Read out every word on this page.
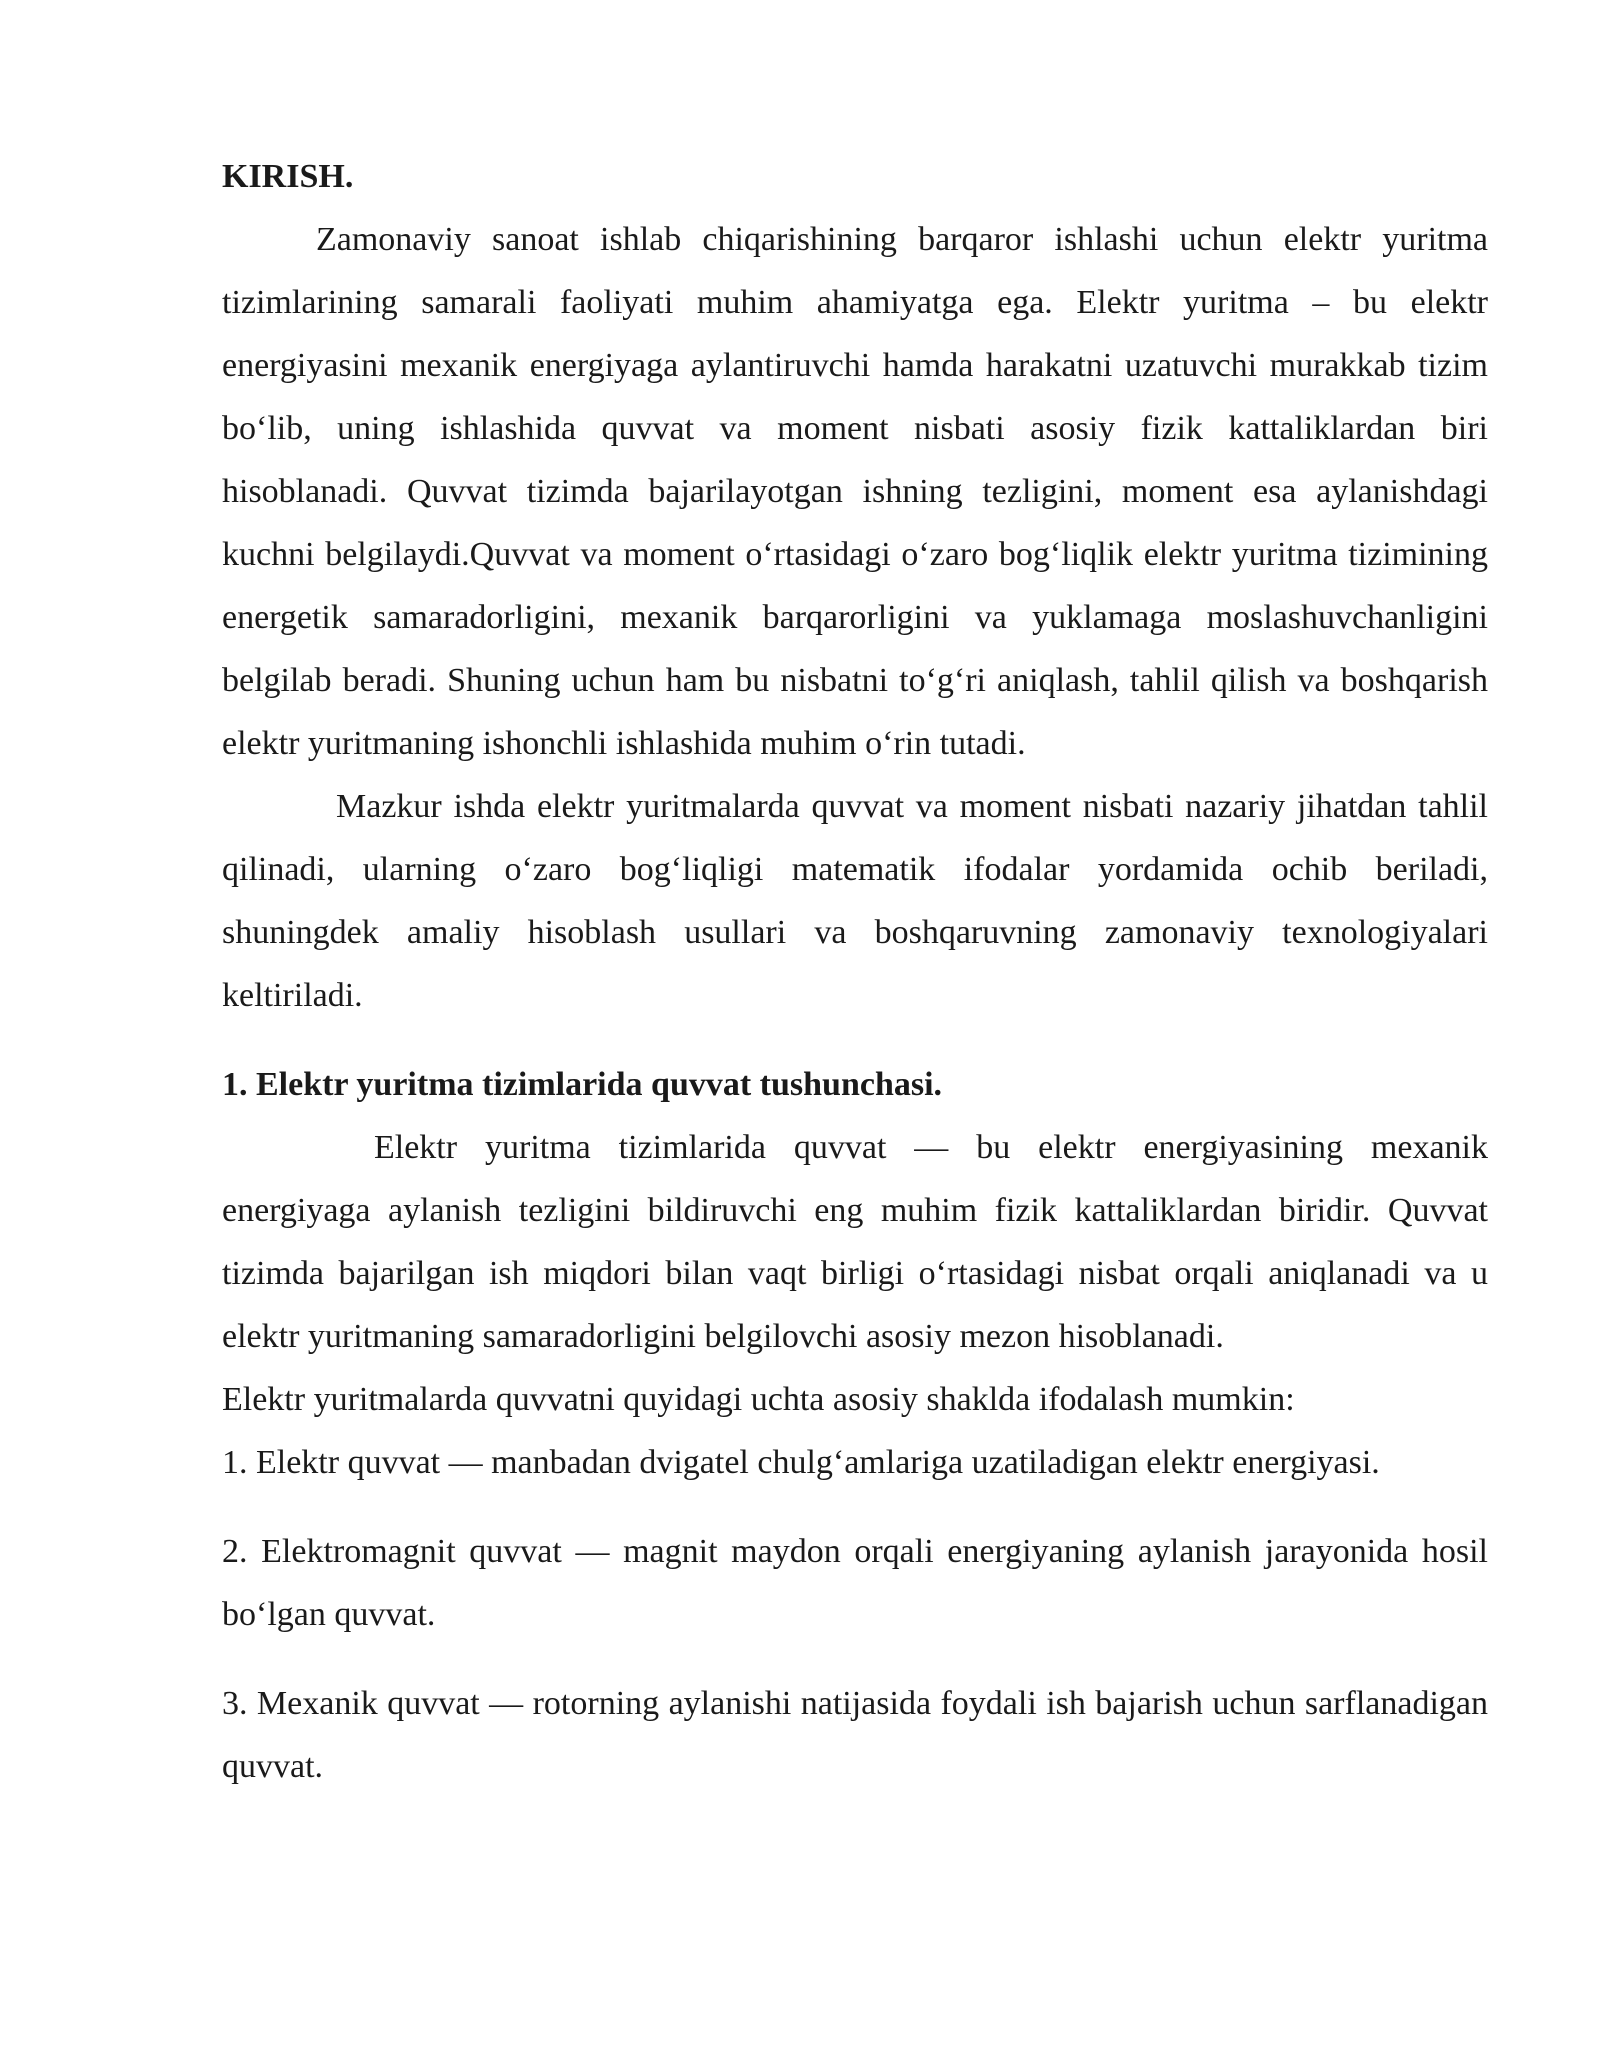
KIRISH.

Zamonaviy sanoat ishlab chiqarishining barqaror ishlashi uchun elektr yuritma tizimlarining samarali faoliyati muhim ahamiyatga ega. Elektr yuritma – bu elektr energiyasini mexanik energiyaga aylantiruvchi hamda harakatni uzatuvchi murakkab tizim bo‘lib, uning ishlashida quvvat va moment nisbati asosiy fizik kattaliklardan biri hisoblanadi. Quvvat tizimda bajarilayotgan ishning tezligini, moment esa aylanishdagi kuchni belgilaydi.Quvvat va moment o‘rtasidagi o‘zaro bog‘liqlik elektr yuritma tizimining energetik samaradorligini, mexanik barqarorligini va yuklamaga moslashuvchanligini belgilab beradi. Shuning uchun ham bu nisbatni to‘g‘ri aniqlash, tahlil qilish va boshqarish elektr yuritmaning ishonchli ishlashida muhim o‘rin tutadi.

Mazkur ishda elektr yuritmalarda quvvat va moment nisbati nazariy jihatdan tahlil qilinadi, ularning o‘zaro bog‘liqligi matematik ifodalar yordamida ochib beriladi, shuningdek amaliy hisoblash usullari va boshqaruvning zamonaviy texnologiyalari keltiriladi.

1. Elektr yuritma tizimlarida quvvat tushunchasi.

Elektr yuritma tizimlarida quvvat — bu elektr energiyasining mexanik energiyaga aylanish tezligini bildiruvchi eng muhim fizik kattaliklardan biridir. Quvvat tizimda bajarilgan ish miqdori bilan vaqt birligi o‘rtasidagi nisbat orqali aniqlanadi va u elektr yuritmaning samaradorligini belgilovchi asosiy mezon hisoblanadi.

Elektr yuritmalarda quvvatni quyidagi uchta asosiy shaklda ifodalash mumkin:

1. Elektr quvvat — manbadan dvigatel chulg‘amlariga uzatiladigan elektr energiyasi.

2. Elektromagnit quvvat — magnit maydon orqali energiyaning aylanish jarayonida hosil bo‘lgan quvvat.

3. Mexanik quvvat — rotorning aylanishi natijasida foydali ish bajarish uchun sarflanadigan quvvat.
